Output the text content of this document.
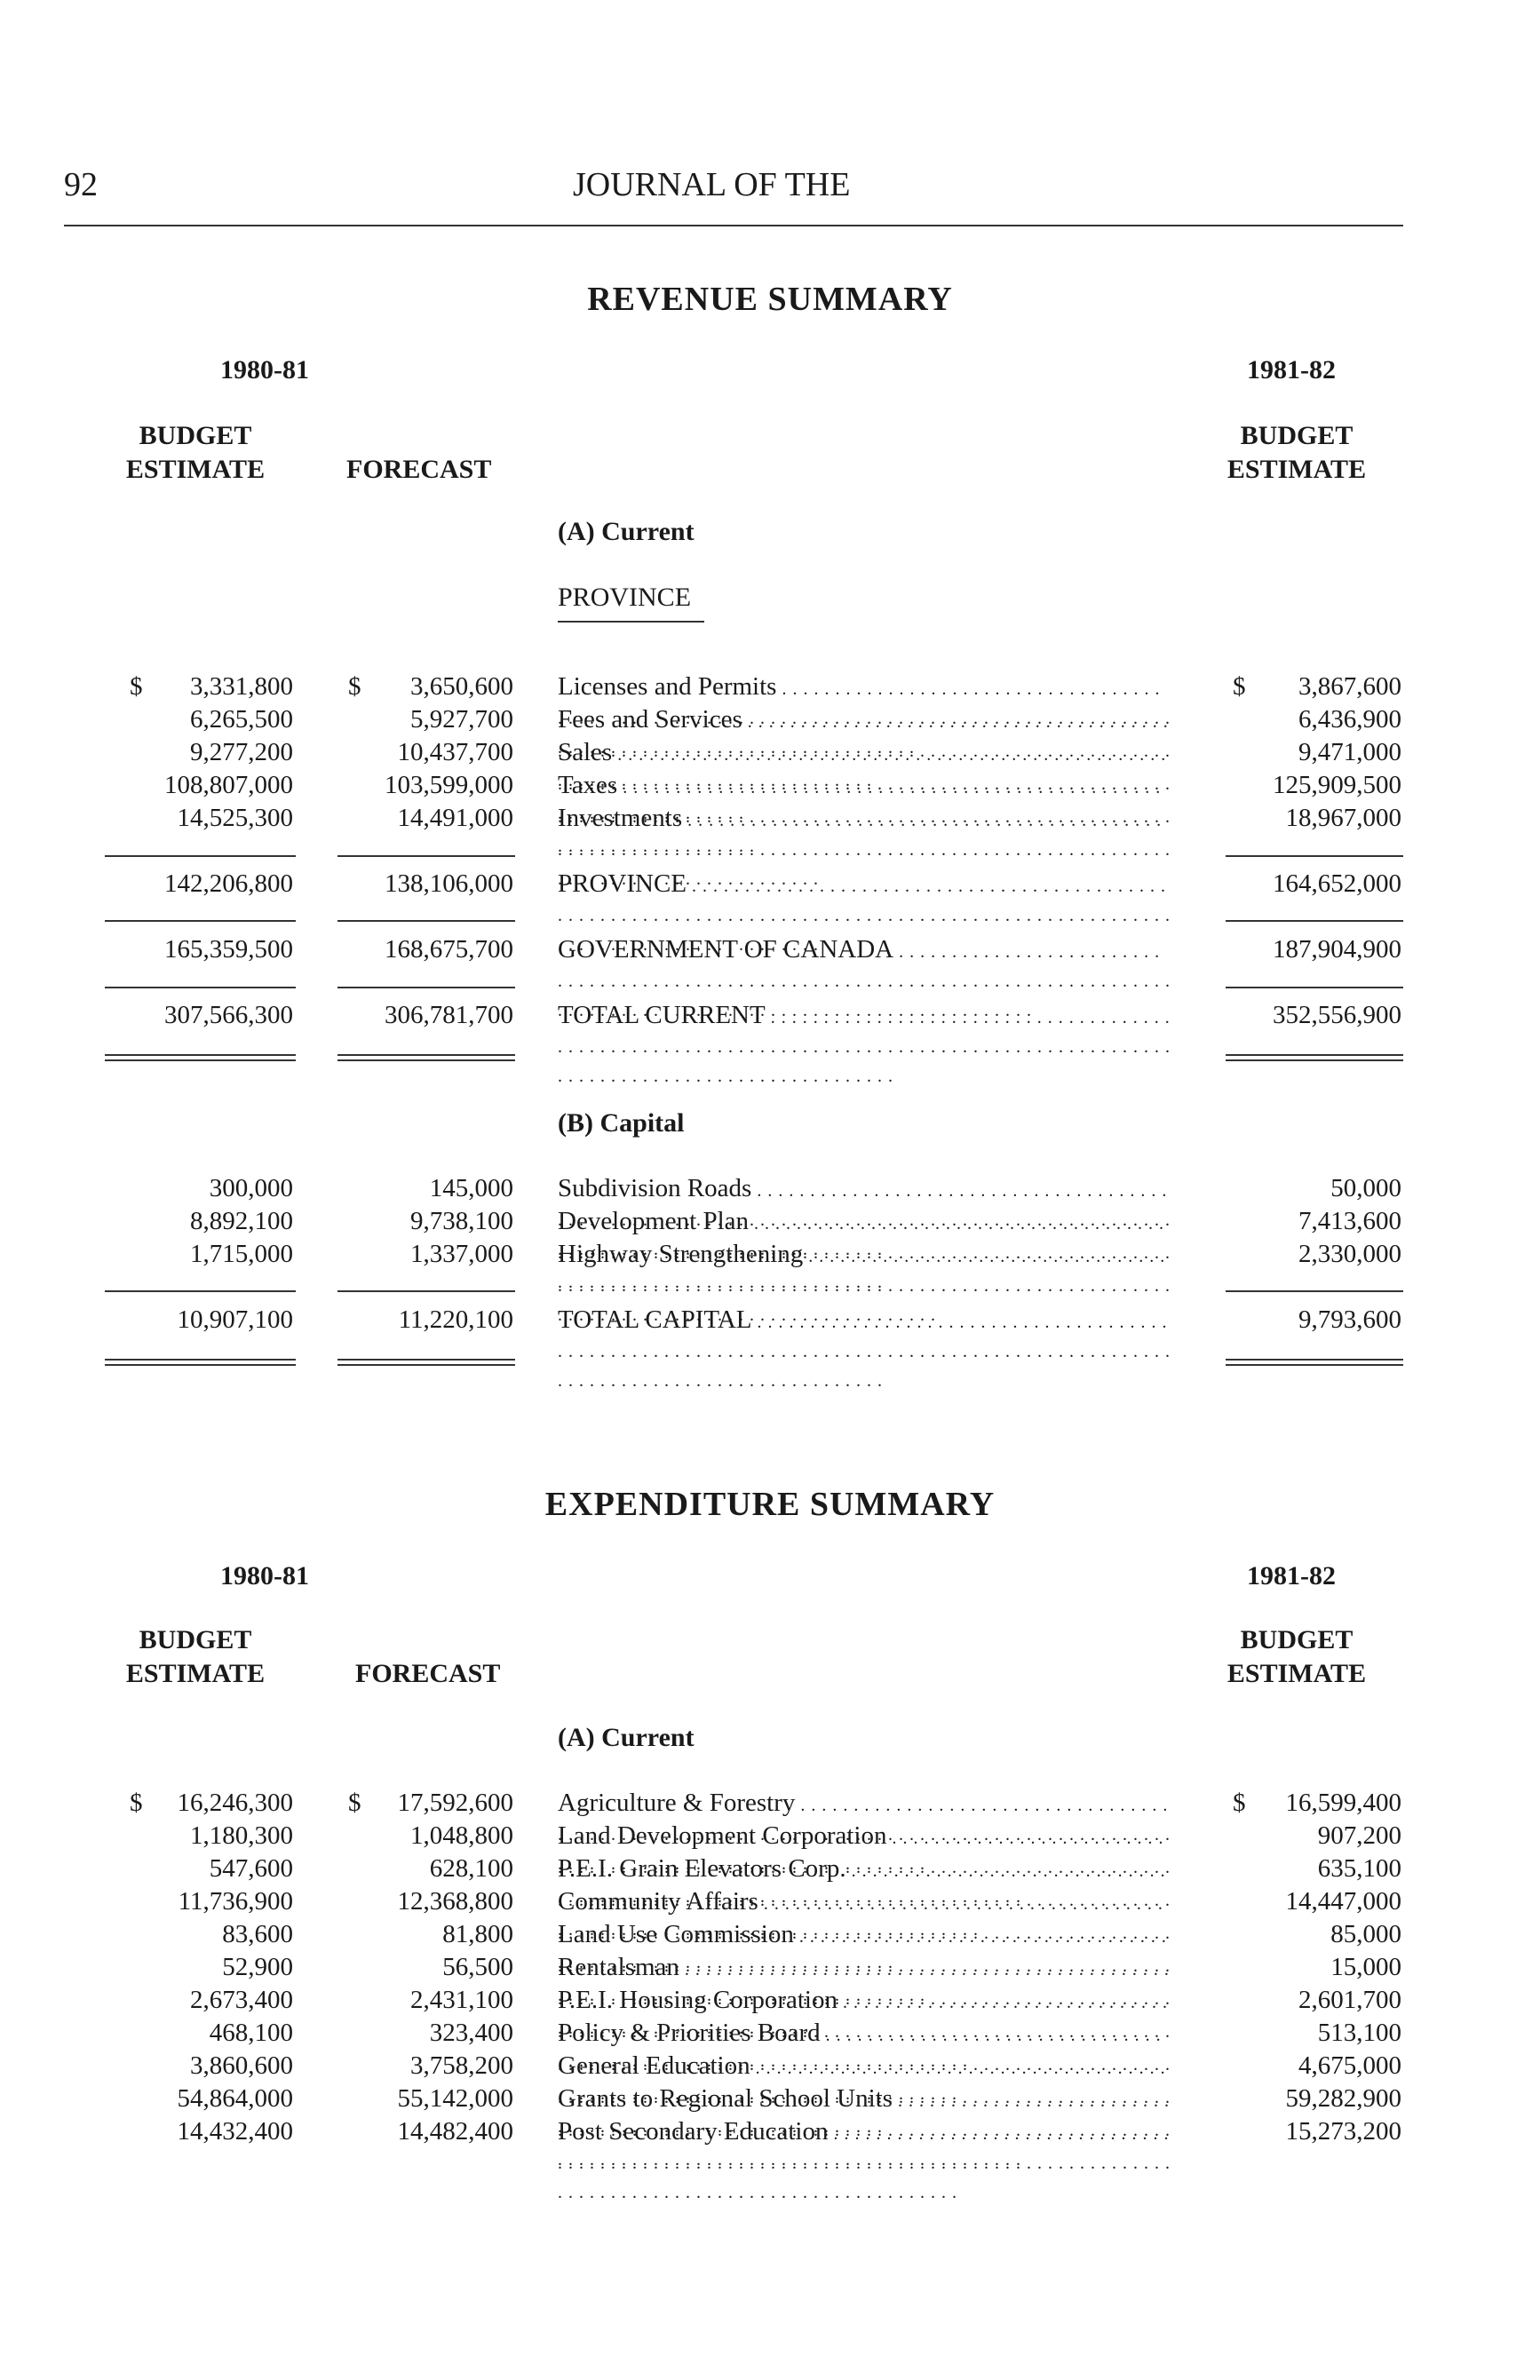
92	JOURNAL OF THE
REVENUE SUMMARY
1980-81	1981-82
BUDGET
ESTIMATE	FORECAST
BUDGET
ESTIMATE
(A) Current
PROVINCE
$	3,331,800 $	3,650,600 Licenses and Permits . . .	$	3,867,600
6,265,500	5,927,700 Fees and Services . . .	6,436,900
9,277,200	10,437,700 Sales . . .	9,471,000
108,807,000	103,599,000 Taxes . . .	125,909,500
14,525,300	14,491,000 Investments . . .	18,967,000
142,206,800	138,106,000 PROVINCE . . .	164,652,000
165,359,500	168,675,700 GOVERNMENT OF CANADA . . .	187,904,900
307,566,300	306,781,700 TOTAL CURRENT . . .	352,556,900
(B) Capital
300,000	145,000 Subdivision Roads . . .	50,000
8,892,100	9,738,100 Development Plan . . .	7,413,600
1,715,000	1,337,000 Highway Strengthening . . .	2,330,000
10,907,100	11,220,100 TOTAL CAPITAL . . .	9,793,600
EXPENDITURE SUMMARY
1980-81	1981-82
BUDGET
ESTIMATE	FORECAST
BUDGET
ESTIMATE
(A) Current
$	16,246,300 $	17,592,600 Agriculture & Forestry . . .	$	16,599,400
1,180,300	1,048,800 Land Development Corporation . . .	907,200
547,600	628,100 P.E.I. Grain Elevators Corp. . . .	635,100
11,736,900	12,368,800 Community Affairs . . .	14,447,000
83,600	81,800 Land Use Commission . . .	85,000
52,900	56,500 Rentalsman . . .	15,000
2,673,400	2,431,100 P.E.I. Housing Corporation . . .	2,601,700
468,100	323,400 Policy & Priorities Board . . .	513,100
3,860,600	3,758,200 General Education . . .	4,675,000
54,864,000	55,142,000 Grants to Regional School Units . . .	59,282,900
14,432,400	14,482,400 Post Secondary Education . . .	15,273,200
